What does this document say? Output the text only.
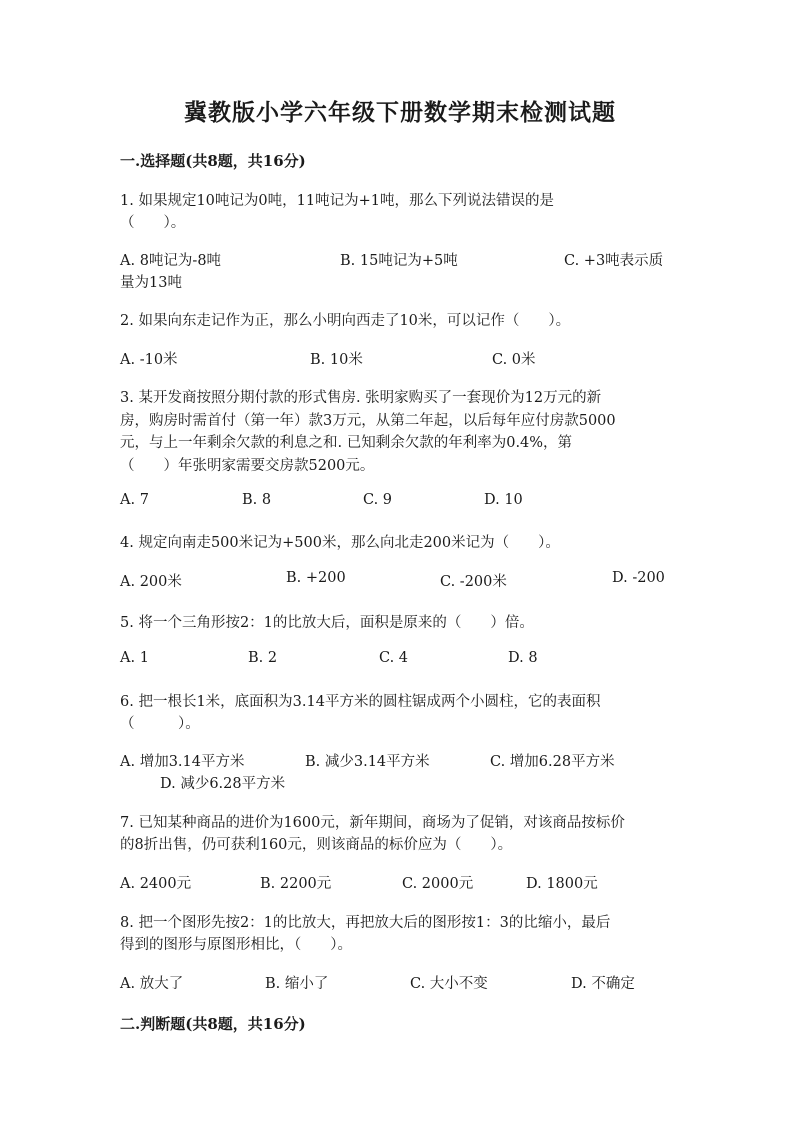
冀教版小学六年级下册数学期末检测试题
一.选择题(共8题，共16分)
1. 如果规定10吨记为0吨，11吨记为+1吨，那么下列说法错误的是
（　　）。
A. 8吨记为-8吨	B. 15吨记为+5吨	C. +3吨表示质
量为13吨
2. 如果向东走记作为正，那么小明向西走了10米，可以记作（　　）。
A. -10米	B. 10米	C. 0米
3. 某开发商按照分期付款的形式售房. 张明家购买了一套现价为12万元的新
房，购房时需首付（第一年）款3万元，从第二年起，以后每年应付房款5000
元，与上一年剩余欠款的利息之和. 已知剩余欠款的年利率为0.4%，第
（　　）年张明家需要交房款5200元。
A. 7	B. 8	C. 9	D. 10
4. 规定向南走500米记为+500米，那么向北走200米记为（　　）。
A. 200米	B. +200	C. -200米	D. -200
5. 将一个三角形按2：1的比放大后，面积是原来的（　　）倍。
A. 1	B. 2	C. 4	D. 8
6. 把一根长1米，底面积为3.14平方米的圆柱锯成两个小圆柱，它的表面积
（　　　）。
A. 增加3.14平方米	B. 减少3.14平方米	C. 增加6.28平方米
D. 减少6.28平方米
7. 已知某种商品的进价为1600元，新年期间，商场为了促销，对该商品按标价
的8折出售，仍可获利160元，则该商品的标价应为（　　）。
A. 2400元	B. 2200元	C. 2000元	D. 1800元
8. 把一个图形先按2：1的比放大，再把放大后的图形按1：3的比缩小，最后
得到的图形与原图形相比，（　　）。
A. 放大了	B. 缩小了	C. 大小不变	D. 不确定
二.判断题(共8题，共16分)
